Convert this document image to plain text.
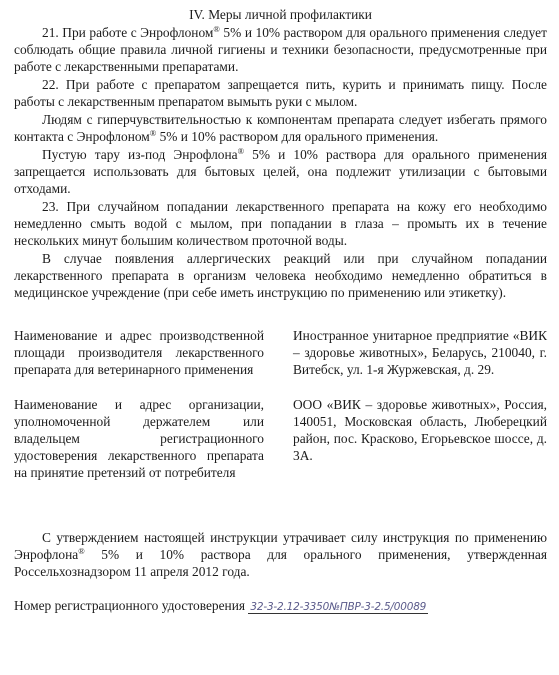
IV. Меры личной профилактики

21. При работе с Энрофлоном® 5% и 10% раствором для орального применения следует соблюдать общие правила личной гигиены и техники безопасности, предусмотренные при работе с лекарственными препаратами.

22. При работе с препаратом запрещается пить, курить и принимать пищу. После работы с лекарственным препаратом вымыть руки с мылом.

Людям с гиперчувствительностью к компонентам препарата следует избегать прямого контакта с Энрофлоном® 5% и 10% раствором для орального применения.

Пустую тару из-под Энрофлона® 5% и 10% раствора для орального применения запрещается использовать для бытовых целей, она подлежит утилизации с бытовыми отходами.

23. При случайном попадании лекарственного препарата на кожу его необходимо немедленно смыть водой с мылом, при попадании в глаза – промыть их в течение нескольких минут большим количеством проточной воды.

В случае появления аллергических реакций или при случайном попадании лекарственного препарата в организм человека необходимо немедленно обратиться в медицинское учреждение (при себе иметь инструкцию по применению или этикетку).

Наименование и адрес производственной площади производителя лекарственного препарата для ветеринарного применения
Иностранное унитарное предприятие «ВИК – здоровье животных», Беларусь, 210040, г. Витебск, ул. 1-я Журжевская, д. 29.
Наименование и адрес организации, уполномоченной держателем или владельцем регистрационного удостоверения лекарственного препарата на принятие претензий от потребителя
ООО «ВИК – здоровье животных», Россия, 140051, Московская область, Люберецкий район, пос. Красково, Егорьевское шоссе, д. 3А.

С утверждением настоящей инструкции утрачивает силу инструкция по применению Энрофлона® 5% и 10% раствора для орального применения, утвержденная Россельхознадзором 11 апреля 2012 года.

Номер регистрационного удостоверения 32-3-2.12-3350№ПВР-3-2.5/00089
